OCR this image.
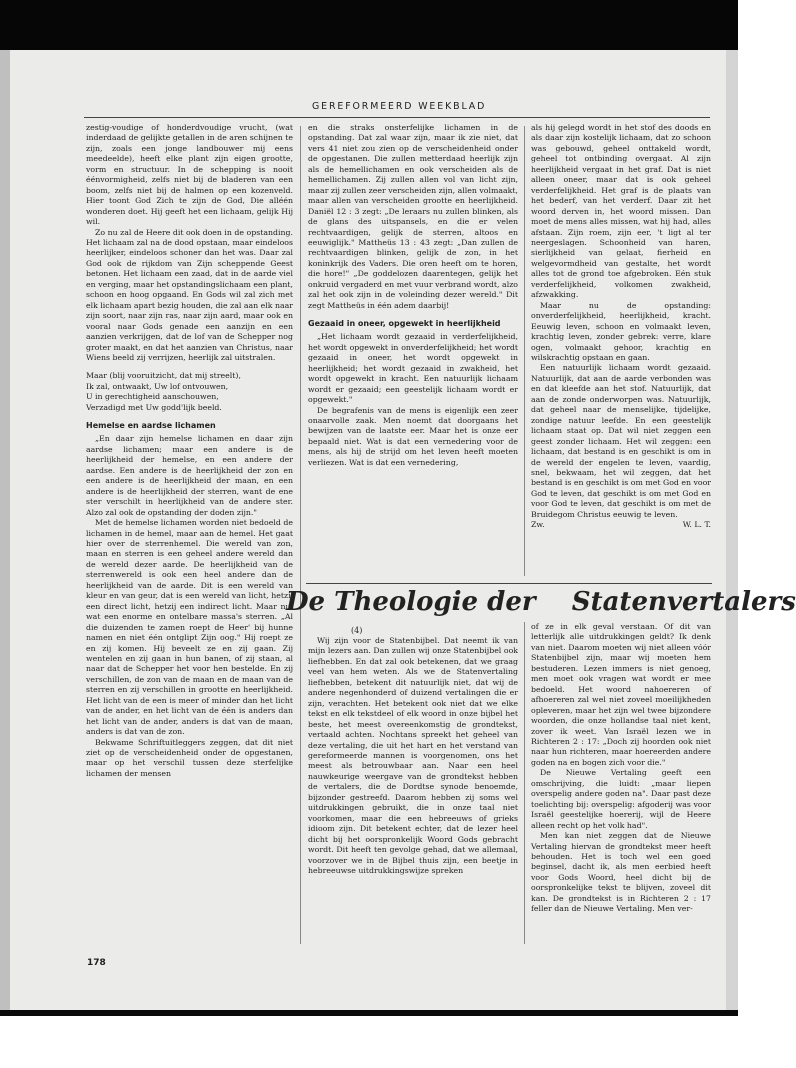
GEREFORMEERD WEEKBLAD

zestig-voudige of honderdvoudige vrucht, (wat inderdaad de gelijkte getallen in de aren schijnen te zijn, zoals een jonge landbouwer mij eens meedeelde), heeft elke plant zijn eigen grootte, vorm en structuur. In de schepping is nooit éénvormigheid, zelfs niet bij de bladeren van een boom, zelfs niet bij de halmen op een kozenveld. Hier toont God Zich te zijn de God, Die alléén wonderen doet. Hij geeft het een lichaam, gelijk Hij wil.

Zo nu zal de Heere dit ook doen in de opstanding. Het lichaam zal na de dood opstaan, maar eindeloos heerlijker, eindeloos schoner dan het was. Daar zal God ook de rijkdom van Zijn scheppende Geest betonen. Het lichaam een zaad, dat in de aarde viel en verging, maar het opstandingslichaam een plant, schoon en hoog opgaand. En Gods wil zal zich met elk lichaam apart bezig houden, die zal aan elk naar zijn soort, naar zijn ras, naar zijn aard, maar ook en vooral naar Gods genade een aanzijn en een aanzien verkrijgen, dat de lof van de Schepper nog groter maakt, en dat het aanzien van Christus, naar Wiens beeld zij verrijzen, heerlijk zal uitstralen.

Maar (blij vooruitzicht, dat mij streelt),
Ik zal, ontwaakt, Uw lof ontvouwen,
U in gerechtigheid aanschouwen,
Verzadigd met Uw godd'lijk beeld.
Hemelse en aardse lichamen

„En daar zijn hemelse lichamen en daar zijn aardse lichamen; maar een andere is de heerlijkheid der hemelse, en een andere der aardse. Een andere is de heerlijkheid der zon en een andere is de heerlijkheid der maan, en een andere is de heerlijkheid der sterren, want de ene ster verschilt in heerlijkheid van de andere ster. Alzo zal ook de opstanding der doden zijn."

Met de hemelse lichamen worden niet bedoeld de lichamen in de hemel, maar aan de hemel. Het gaat hier over de sterrenhemel. Die wereld van zon, maan en sterren is een geheel andere wereld dan de wereld dezer aarde. De heerlijkheid van de sterrenwereld is ook een heel andere dan de heerlijkheid van de aarde. Dit is een wereld van kleur en van geur, dat is een wereld van licht, hetzij een direct licht, hetzij een indirect licht. Maar nu, wat een enorme en ontelbare massa's sterren. „Al die duizenden te zamen roept de Heer' bij hunne namen en niet één ontglipt Zijn oog." Hij roept ze en zij komen. Hij beveelt ze en zij gaan. Zij wentelen en zij gaan in hun banen, of zij staan, al naar dat de Schepper het voor hen bestelde. En zij verschillen, de zon van de maan en de maan van de sterren en zij verschillen in grootte en heerlijkheid. Het licht van de een is meer of minder dan het licht van de ander, en het licht van de één is anders dan het licht van de ander, anders is dat van de maan, anders is dat van de zon.

Bekwame Schriftuitleggers zeggen, dat dit niet ziet op de verscheidenheid onder de opgestanen, maar op het verschil tussen deze sterfelijke lichamen der mensen

en die straks onsterfelijke lichamen in de opstanding. Dat zal waar zijn, maar ik zie niet, dat vers 41 niet zou zien op de verscheidenheid onder de opgestanen. Die zullen metterdaad heerlijk zijn als de hemellichamen en ook verscheiden als de hemellichamen. Zij zullen allen vol van licht zijn, maar zij zullen zeer verscheiden zijn, allen volmaakt, maar allen van verscheiden grootte en heerlijkheid. Daniël 12 : 3 zegt: „De leraars nu zullen blinken, als de glans des uitspansels, en die er velen rechtvaardigen, gelijk de sterren, altoos en eeuwiglijk." Mattheüs 13 : 43 zegt: „Dan zullen de rechtvaardigen blinken, gelijk de zon, in het koninkrijk des Vaders. Die oren heeft om te horen, die hore!" „De goddelozen daarentegen, gelijk het onkruid vergaderd en met vuur verbrand wordt, alzo zal het ook zijn in de voleinding dezer wereld." Dit zegt Mattheüs in één adem daarbij!

Gezaaid in oneer, opgewekt in heerlijkheid

„Het lichaam wordt gezaaid in verderfelijkheid, het wordt opgewekt in onverderfelijkheid; het wordt gezaaid in oneer, het wordt opgewekt in heerlijkheid; het wordt gezaaid in zwakheid, het wordt opgewekt in kracht. Een natuurlijk lichaam wordt er gezaaid; een geestelijk lichaam wordt er opgewekt."

De begrafenis van de mens is eigenlijk een zeer onaarvolle zaak. Men noemt dat doorgaans het bewijzen van de laatste eer. Maar het is onze eer bepaald niet. Wat is dat een vernedering voor de mens, als hij de strijd om het leven heeft moeten verliezen. Wat is dat een vernedering,

als hij gelegd wordt in het stof des doods en als daar zijn kostelijk lichaam, dat zo schoon was gebouwd, geheel onttakeld wordt, geheel tot ontbinding overgaat. Al zijn heerlijkheid vergaat in het graf. Dat is niet alleen oneer, maar dat is ook geheel verderfelijkheid. Het graf is de plaats van het bederf, van het verderf. Daar zit het woord derven in, het woord missen. Dan moet de mens alles missen, wat hij had, alles afstaan. Zijn roem, zijn eer, 't ligt al ter neergeslagen. Schoonheid van haren, sierlijkheid van gelaat, fierheid en welgevormdheid van gestalte, het wordt alles tot de grond toe afgebroken. Eén stuk verderfelijkheid, volkomen zwakheid, afzwakking.

Maar nu de opstanding: onverderfelijkheid, heerlijkheid, kracht. Eeuwig leven, schoon en volmaakt leven, krachtig leven, zonder gebrek: verre, klare ogen, volmaakt gehoor, krachtig en wilskrachtig opstaan en gaan.

Een natuurlijk lichaam wordt gezaaid. Natuurlijk, dat aan de aarde verbonden was en dat kleefde aan het stof. Natuurlijk, dat aan de zonde onderworpen was. Natuurlijk, dat geheel naar de menselijke, tijdelijke, zondige natuur leefde. En een geestelijk lichaam staat op. Dat wil niet zeggen een geest zonder lichaam. Het wil zeggen: een lichaam, dat bestand is en geschikt is om in de wereld der engelen te leven, vaardig, snel, bekwaam, het wil zeggen, dat het bestand is en geschikt is om met God en voor God te leven, dat geschikt is om met God en voor God te leven, dat geschikt is om met de Bruidegom Christus eeuwig te leven.

Zw.	W. L. T.
De Theologie der Statenvertalers
(4)

Wij zijn voor de Statenbijbel. Dat neemt ik van mijn lezers aan. Dan zullen wij onze Statenbijbel ook liefhebben. En dat zal ook betekenen, dat we graag veel van hem weten. Als we de Statenvertaling liefhebben, betekent dit natuurlijk niet, dat wij de andere negenhonderd of duizend vertalingen die er zijn, verachten. Het betekent ook niet dat we elke tekst en elk tekstdeel of elk woord in onze bijbel het beste, het meest overeenkomstig de grondtekst, vertaald achten. Nochtans spreekt het geheel van deze vertaling, die uit het hart en het verstand van gereformeerde mannen is voorgenomen, ons het meest als betrouwbaar aan. Naar een heel nauwkeurige weergave van de grondtekst hebben de vertalers, die de Dordtse synode benoemde, bijzonder gestreefd. Daarom hebben zij soms wel uitdrukkingen gebruikt, die in onze taal niet voorkomen, maar die een hebreeuws of grieks idioom zijn. Dit betekent echter, dat de lezer heel dicht bij het oorspronkelijk Woord Gods gebracht wordt. Dit heeft ten gevolge gehad, dat we allemaal, voorzover we in de Bijbel thuis zijn, een beetje in hebreeuwse uitdrukkingswijze spreken

of ze in elk geval verstaan. Of dit van letterlijk alle uitdrukkingen geldt? Ik denk van niet. Daarom moeten wij niet alleen vóór Statenbijbel zijn, maar wij moeten hem bestuderen. Lezen immers is niet genoeg, men moet ook vragen wat wordt er mee bedoeld. Het woord nahoereren of afhoereren zal wel niet zoveel moeilijkheden opleveren, maar het zijn wel twee bijzondere woorden, die onze hollandse taal niet kent, zover ik weet. Van Israël lezen we in Richteren 2 : 17: „Doch zij hoorden ook niet naar hun richteren, maar hoereerden andere goden na en bogen zich voor die."

De Nieuwe Vertaling geeft een omschrijving, die luidt: „maar liepen overspelig andere goden na". Daar past deze toelichting bij: overspelig: afgoderij was voor Israël geestelijke hoererij, wijl de Heere alleen recht op het volk had".

Men kan niet zeggen dat de Nieuwe Vertaling hiervan de grondtekst meer heeft behouden. Het is toch wel een goed beginsel, dacht ik, als men eerbied heeft voor Gods Woord, heel dicht bij de oorspronkelijke tekst te blijven, zoveel dit kan. De grondtekst is in Richteren 2 : 17 feller dan de Nieuwe Vertaling. Men ver-

178
